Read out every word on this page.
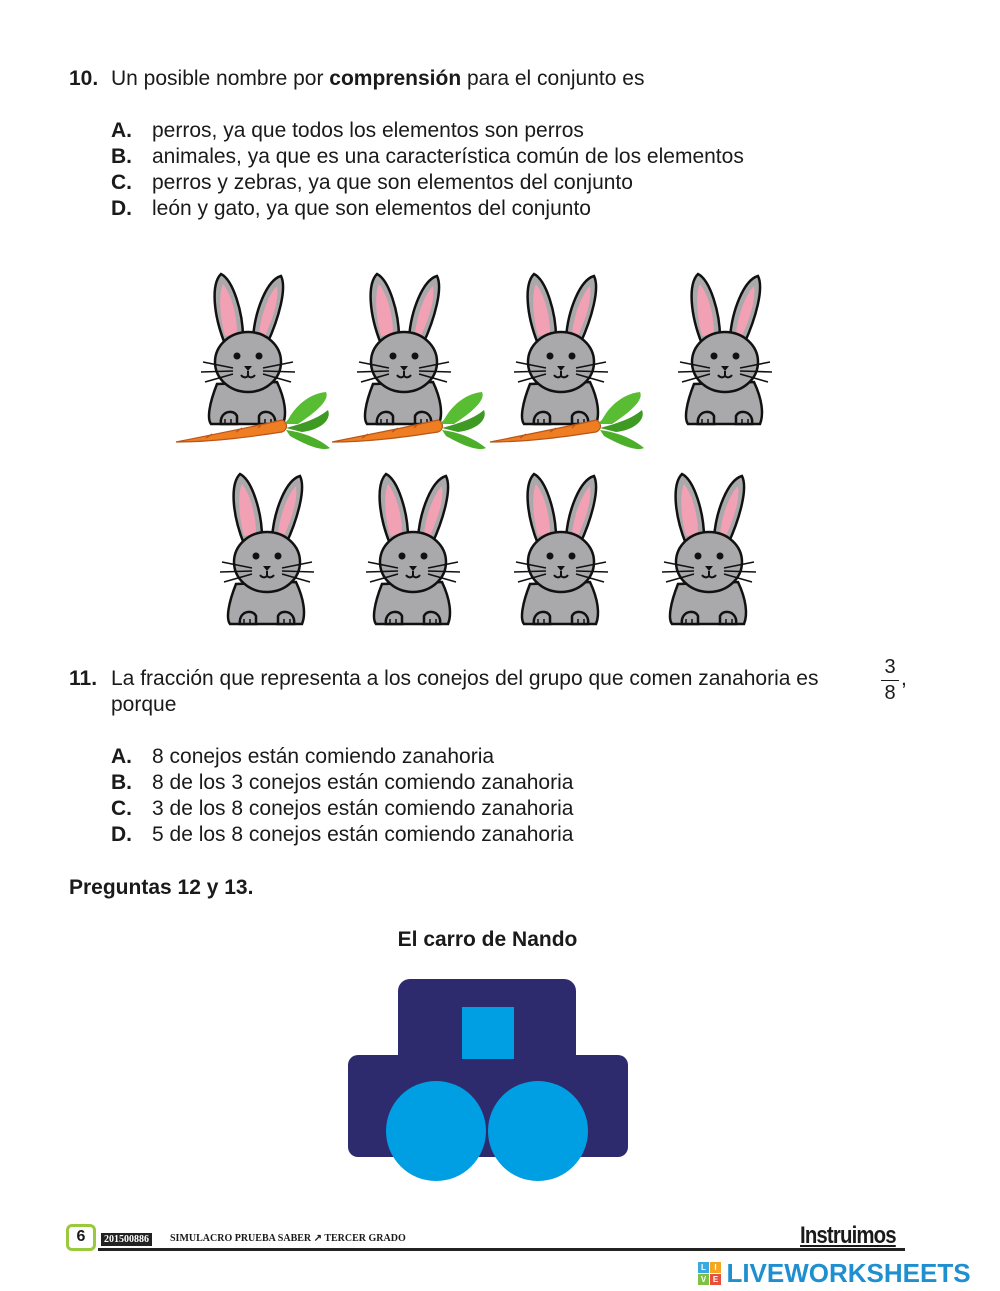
10. Un posible nombre por comprensión para el conjunto es
A. perros, ya que todos los elementos son perros
B. animales, ya que es una característica común de los elementos
C. perros y zebras, ya que son elementos del conjunto
D. león y gato, ya que son elementos del conjunto
11. La fracción que representa a los conejos del grupo que comen zanahoria es	3
8
,
porque
A. 8 conejos están comiendo zanahoria
B. 8 de los 3 conejos están comiendo zanahoria
C. 3 de los 8 conejos están comiendo zanahoria
D. 5 de los 8 conejos están comiendo zanahoria
Preguntas 12 y 13.
El carro de Nando
6	201500886	SIMULACRO PRUEBA SABER ↗ TERCER GRADO	Instruimos
L	I
V E LIVEWORKSHEETS
